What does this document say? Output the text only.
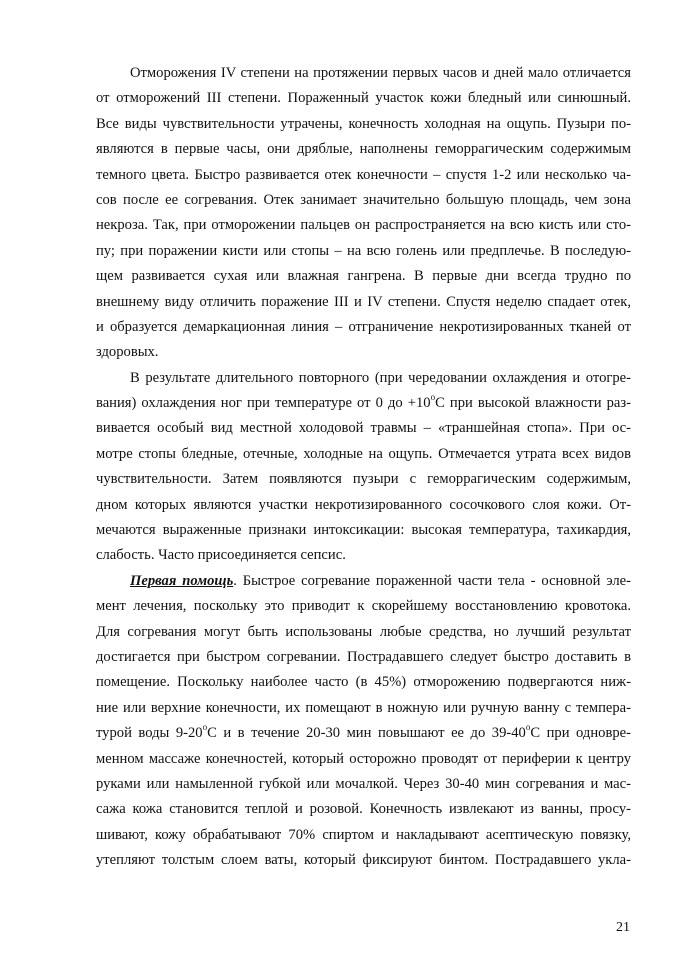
Отморожения IV степени на протяжении первых часов и дней мало отличается
от отморожений III степени. Пораженный участок кожи бледный или синюшный.
Все виды чувствительности утрачены, конечность холодная на ощупь. Пузыри по-
являются в первые часы, они дряблые, наполнены геморрагическим содержимым
темного цвета. Быстро развивается отек конечности – спустя 1-2 или несколько ча-
сов после ее согревания. Отек занимает значительно большую площадь, чем зона
некроза. Так, при отморожении пальцев он распространяется на всю кисть или сто-
пу; при поражении кисти или стопы – на всю голень или предплечье. В последую-
щем развивается сухая или влажная гангрена. В первые дни всегда трудно по
внешнему виду отличить поражение III и IV степени. Спустя неделю спадает отек,
и образуется демаркационная линия – отграничение некротизированных тканей от
здоровых.
В результате длительного повторного (при чередовании охлаждения и отогре-
вания) охлаждения ног при температуре от 0 до $+10^oC$ при высокой влажности раз-
вивается особый вид местной холодовой травмы – «траншейная стопа». При ос-
мотре стопы бледные, отечные, холодные на ощупь. Отмечается утрата всех видов
чувствительности. Затем появляются пузыри с геморрагическим содержимым,
дном которых являются участки некротизированного сосочкового слоя кожи. От-
мечаются выраженные признаки интоксикации: высокая температура, тахикардия,
слабость. Часто присоединяется сепсис.
Первая помощь. Быстрое согревание пораженной части тела - основной эле-
мент лечения, поскольку это приводит к скорейшему восстановлению кровотока.
Для согревания могут быть использованы любые средства, но лучший результат
достигается при быстром согревании. Пострадавшего следует быстро доставить в
помещение. Поскольку наиболее часто (в 45%) отморожению подвергаются ниж-
ние или верхние конечности, их помещают в ножную или ручную ванну с темпера-
турой воды 9-20$^o$C и в течение 20-30 мин повышают ее до 39-40$^o$C при одновре-
менном массаже конечностей, который осторожно проводят от периферии к центру
руками или намыленной губкой или мочалкой. Через 30-40 мин согревания и мас-
сажа кожа становится теплой и розовой. Конечность извлекают из ванны, просу-
шивают, кожу обрабатывают 70% спиртом и накладывают асептическую повязку,
утепляют толстым слоем ваты, который фиксируют бинтом. Пострадавшего укла-
21
